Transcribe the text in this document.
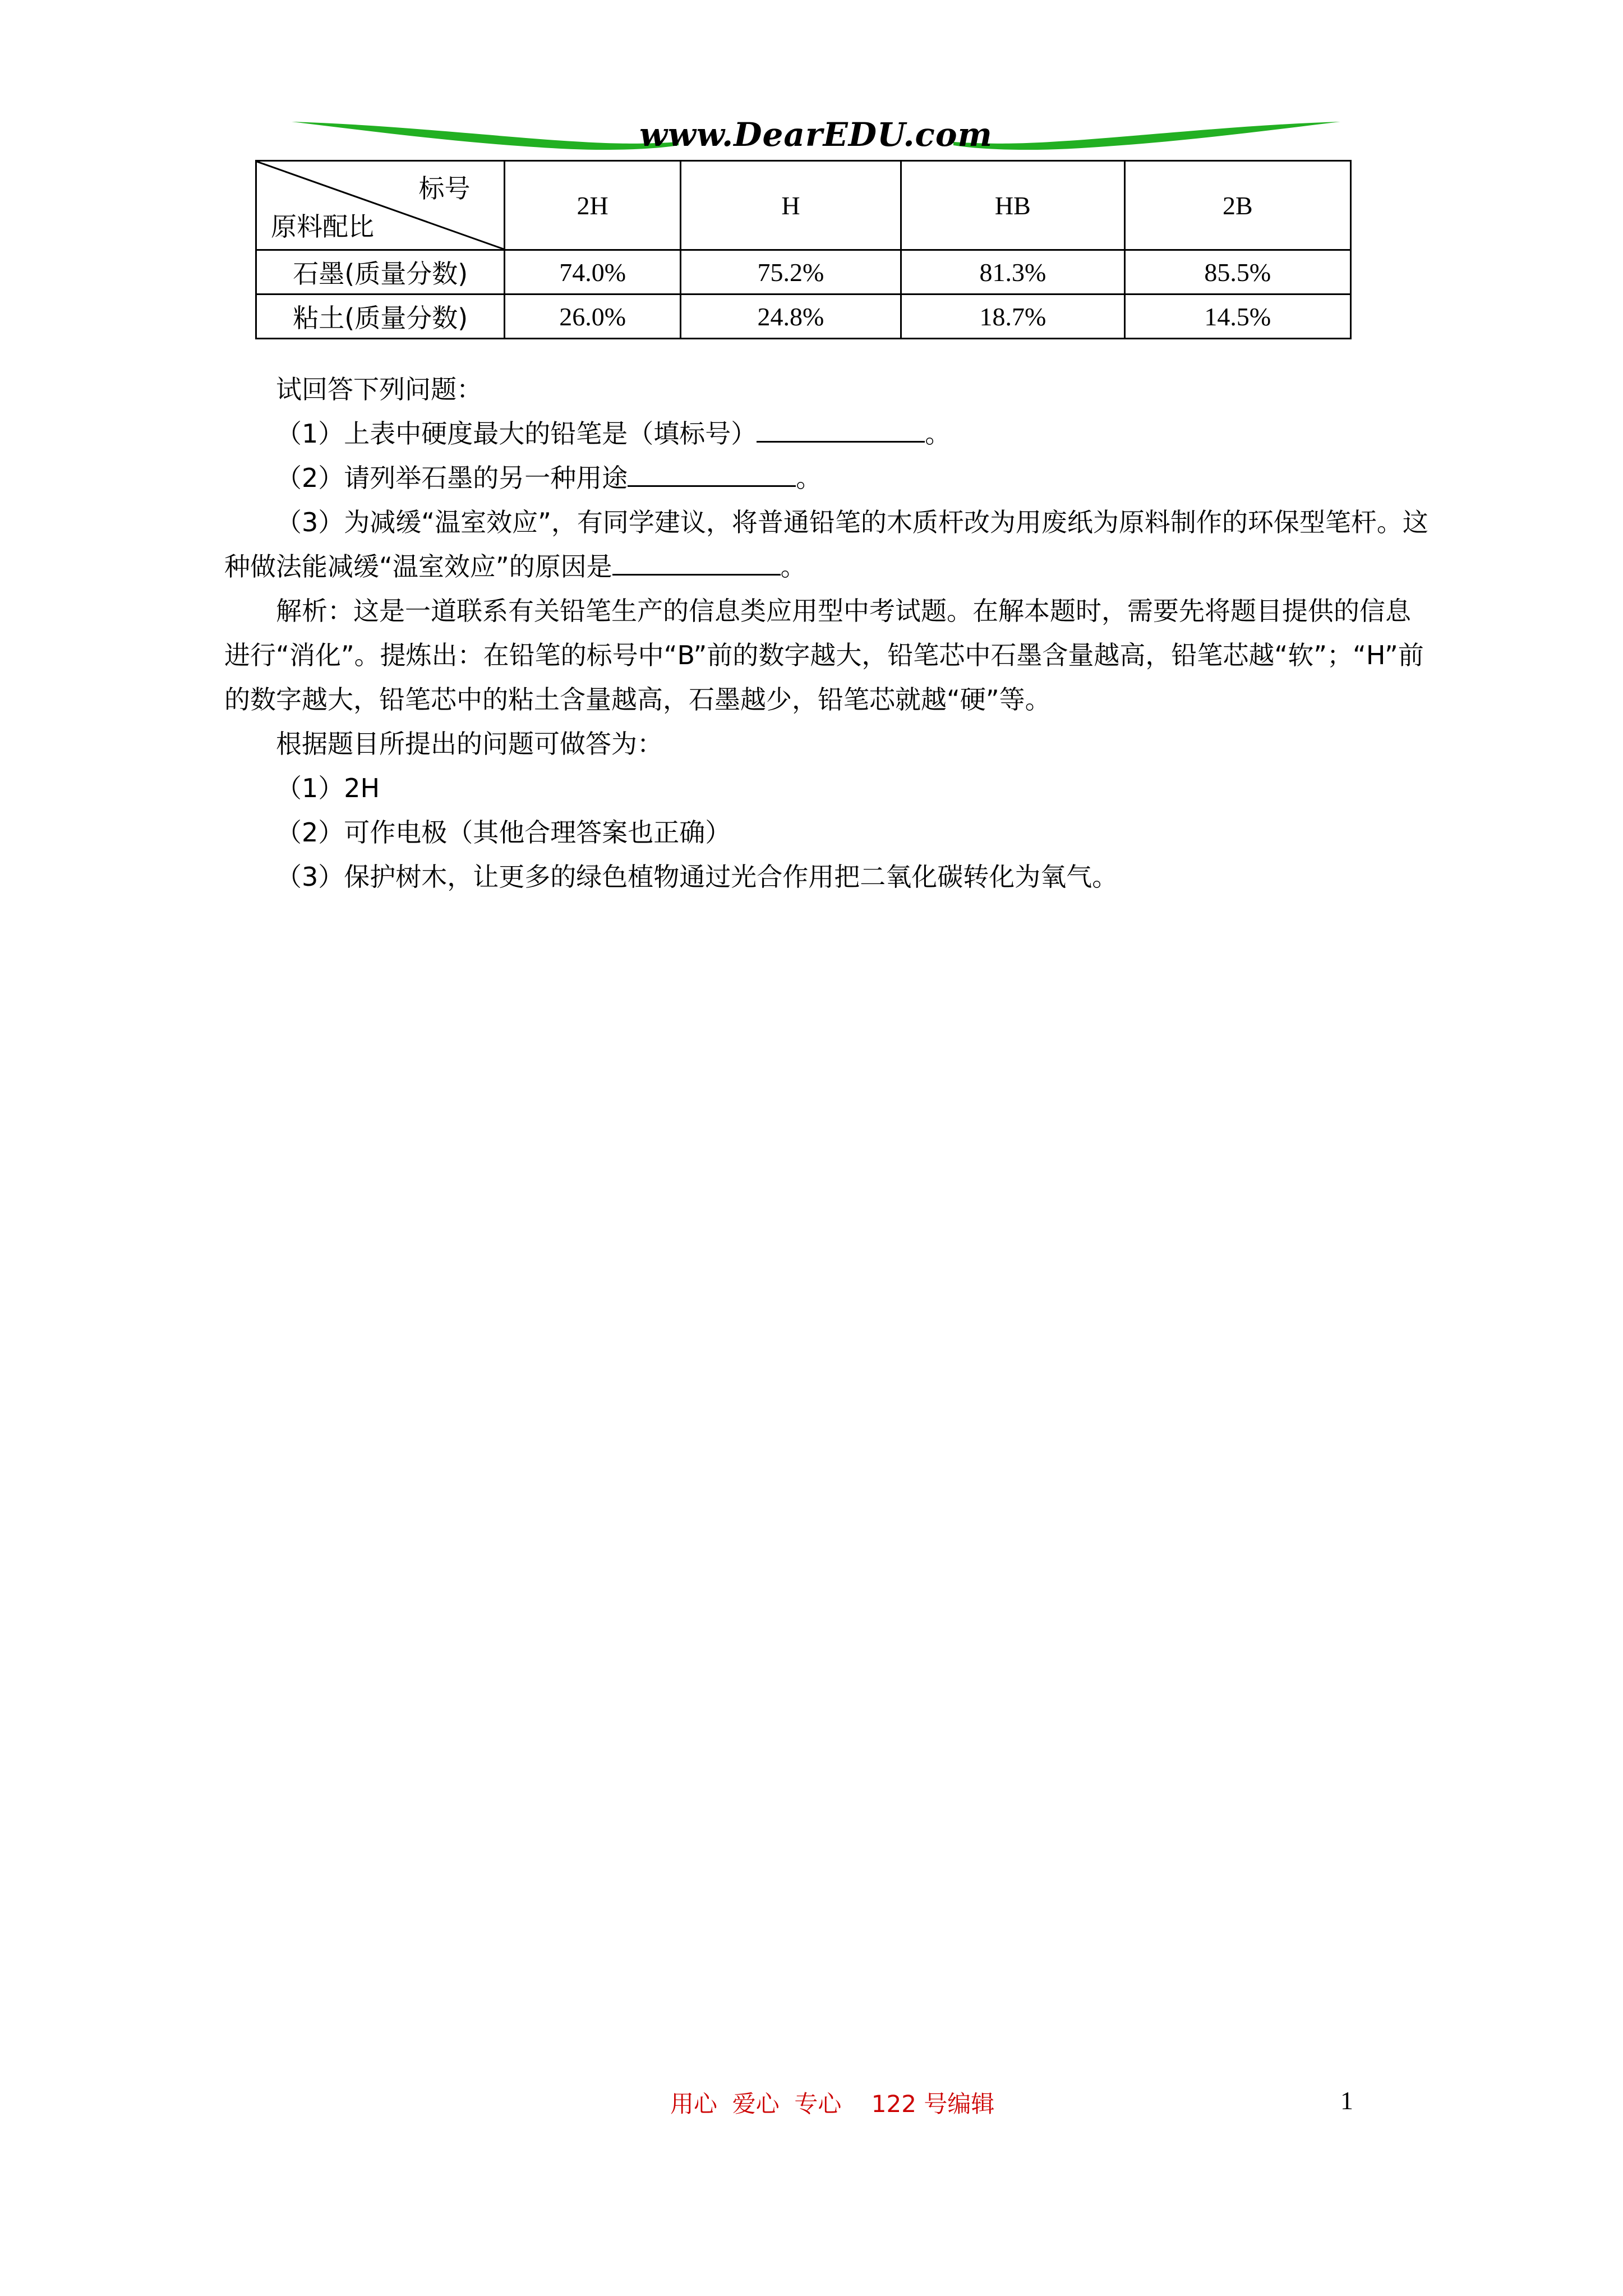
www.DearEDU.com
标号
原料配比	2H	H	HB	2B
石墨(质量分数)	74.0%	75.2%	81.3%	85.5%
粘土(质量分数)	26.0%	24.8%	18.7%	14.5%

试回答下列问题：

（1）上表中硬度最大的铅笔是（填标号）	。

（2）请列举石墨的另一种用途	。

（3）为减缓“温室效应”，有同学建议，将普通铅笔的木质杆改为用废纸为原料制作的环保型笔杆。这种做法能减缓“温室效应”的原因是	。

解析：这是一道联系有关铅笔生产的信息类应用型中考试题。在解本题时，需要先将题目提供的信息进行“消化”。提炼出：在铅笔的标号中“B”前的数字越大，铅笔芯中石墨含量越高，铅笔芯越“软”；“H”前的数字越大，铅笔芯中的粘土含量越高，石墨越少，铅笔芯就越“硬”等。

根据题目所提出的问题可做答为：

（1）2H

（2）可作电极（其他合理答案也正确）

（3）保护树木，让更多的绿色植物通过光合作用把二氧化碳转化为氧气。

用心  爱心  专心    122 号编辑	1
